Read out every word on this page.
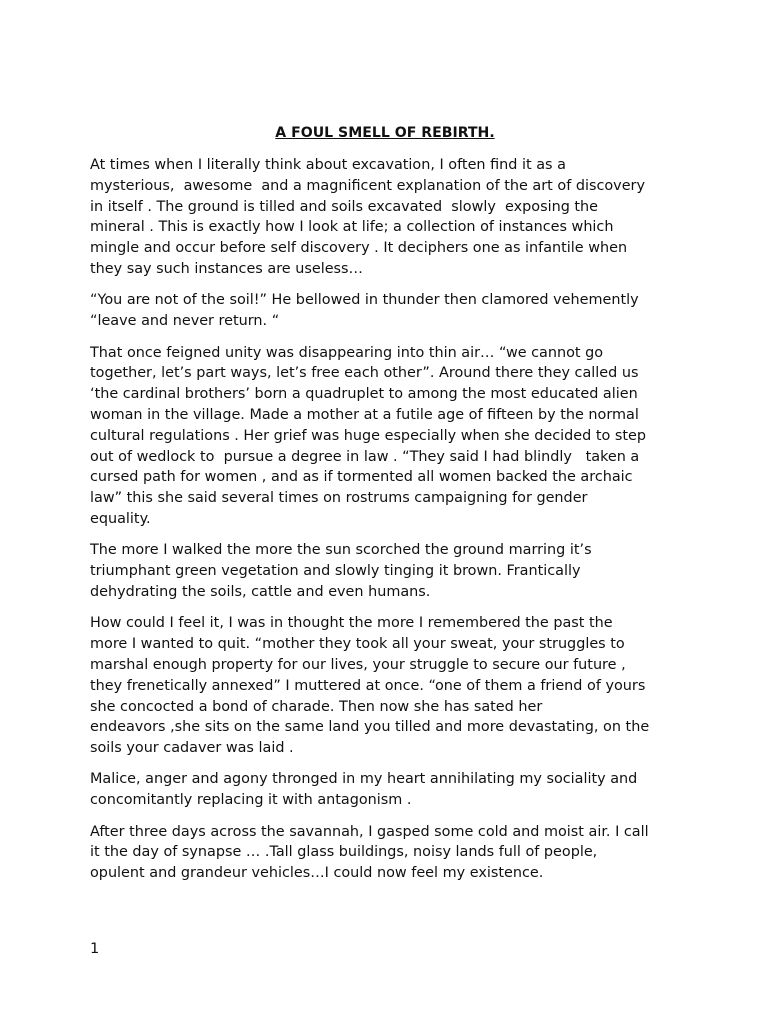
A FOUL SMELL OF REBIRTH.

At times when I literally think about excavation, I often find it as a
mysterious,  awesome  and a magnificent explanation of the art of discovery
in itself . The ground is tilled and soils excavated  slowly  exposing the
mineral . This is exactly how I look at life; a collection of instances which
mingle and occur before self discovery . It deciphers one as infantile when
they say such instances are useless…

“You are not of the soil!” He bellowed in thunder then clamored vehemently
“leave and never return. “

That once feigned unity was disappearing into thin air… “we cannot go
together, let’s part ways, let’s free each other”. Around there they called us
‘the cardinal brothers’ born a quadruplet to among the most educated alien
woman in the village. Made a mother at a futile age of fifteen by the normal
cultural regulations . Her grief was huge especially when she decided to step
out of wedlock to  pursue a degree in law . “They said I had blindly   taken a
cursed path for women , and as if tormented all women backed the archaic
law” this she said several times on rostrums campaigning for gender
equality.

The more I walked the more the sun scorched the ground marring it’s
triumphant green vegetation and slowly tinging it brown. Frantically
dehydrating the soils, cattle and even humans.

How could I feel it, I was in thought the more I remembered the past the
more I wanted to quit. “mother they took all your sweat, your struggles to
marshal enough property for our lives, your struggle to secure our future ,
they frenetically annexed” I muttered at once. “one of them a friend of yours
she concocted a bond of charade. Then now she has sated her
endeavors ,she sits on the same land you tilled and more devastating, on the
soils your cadaver was laid .

Malice, anger and agony thronged in my heart annihilating my sociality and
concomitantly replacing it with antagonism .

After three days across the savannah, I gasped some cold and moist air. I call
it the day of synapse … .Tall glass buildings, noisy lands full of people,
opulent and grandeur vehicles…I could now feel my existence.

1
